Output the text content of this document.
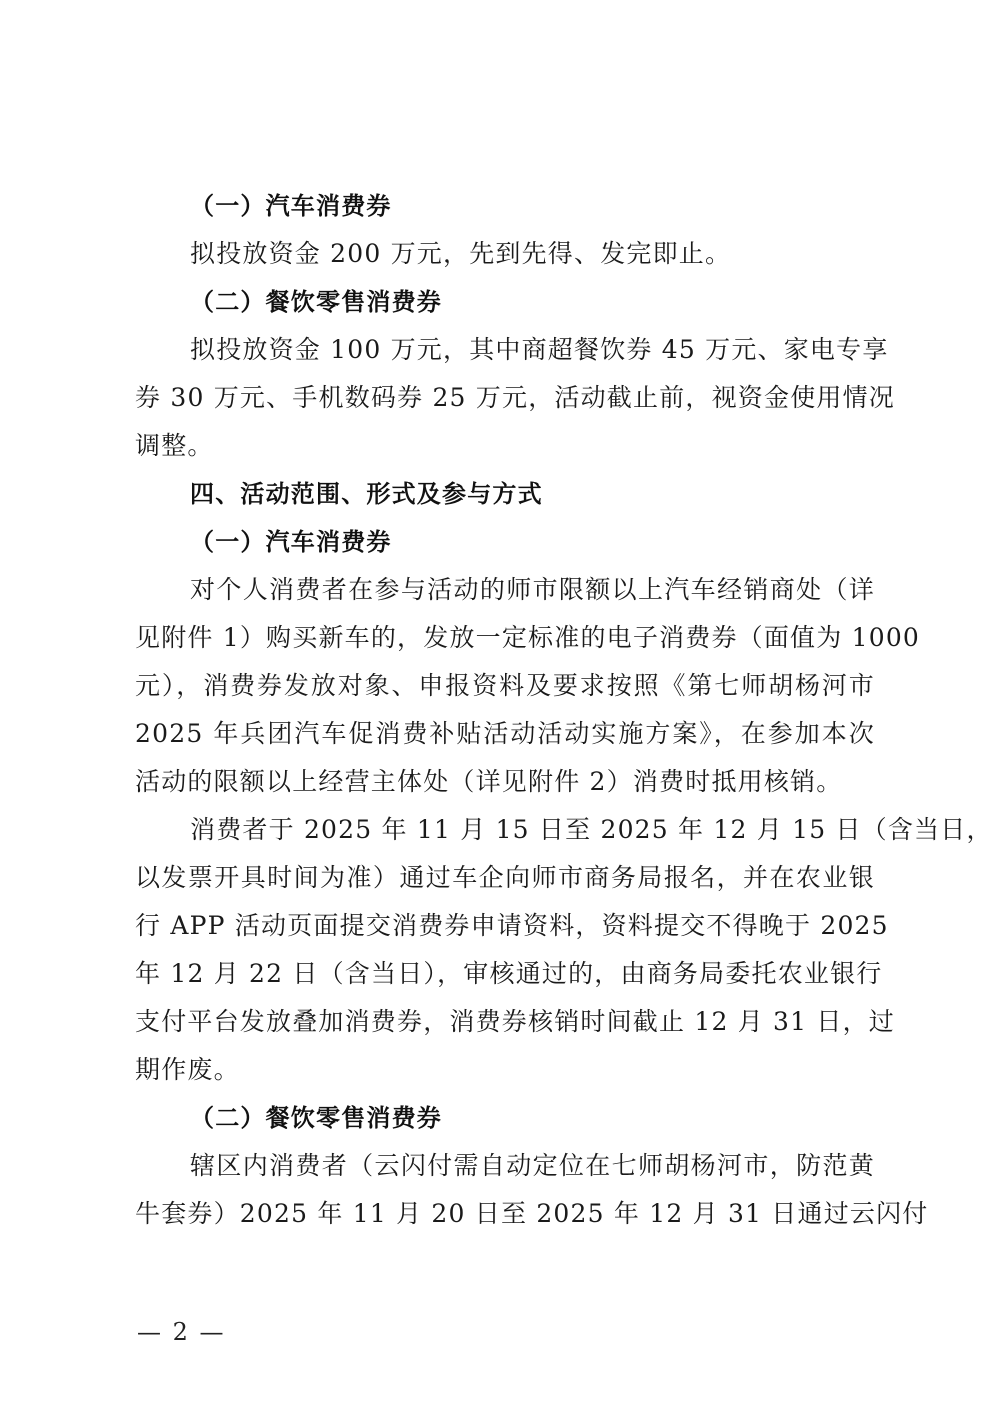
（一）汽车消费券
拟投放资金 200 万元，先到先得、发完即止。
（二）餐饮零售消费券
拟投放资金 100 万元，其中商超餐饮券 45 万元、家电专享
券 30 万元、手机数码券 25 万元，活动截止前，视资金使用情况
调整。
四、活动范围、形式及参与方式
（一）汽车消费券
对个人消费者在参与活动的师市限额以上汽车经销商处（详
见附件 1）购买新车的，发放一定标准的电子消费券（面值为 1000
元），消费券发放对象、申报资料及要求按照《第七师胡杨河市
2025 年兵团汽车促消费补贴活动活动实施方案》，在参加本次
活动的限额以上经营主体处（详见附件 2）消费时抵用核销。
消费者于 2025 年 11 月 15 日至 2025 年 12 月 15 日（含当日，
以发票开具时间为准）通过车企向师市商务局报名，并在农业银
行 APP 活动页面提交消费券申请资料，资料提交不得晚于 2025
年 12 月 22 日（含当日），审核通过的，由商务局委托农业银行
支付平台发放叠加消费券，消费券核销时间截止 12 月 31 日，过
期作废。
（二）餐饮零售消费券
辖区内消费者（云闪付需自动定位在七师胡杨河市，防范黄
牛套券）2025 年 11 月 20 日至 2025 年 12 月 31 日通过云闪付
— 2 —
